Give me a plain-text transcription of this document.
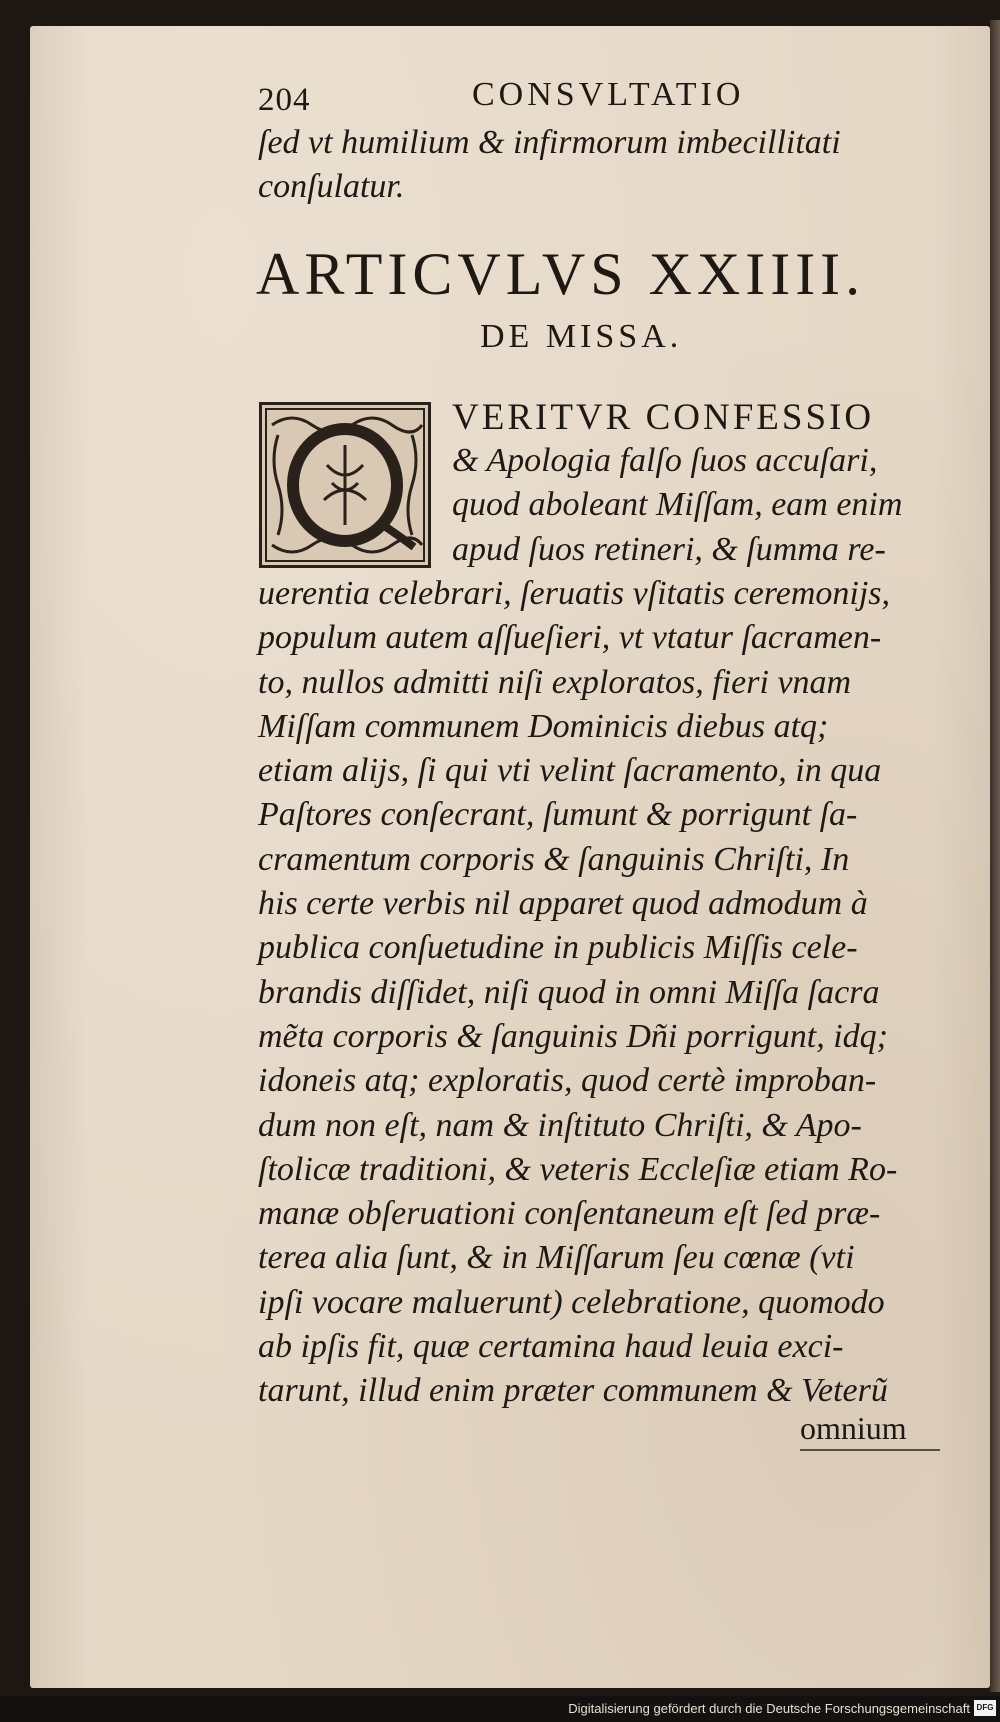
204	CONSVLTATIO
ſed vt humilium & infirmorum imbecillitati
conſulatur.
ARTICVLVS XXIIII.
DE MISSA.
VERITVR CONFESSIO
& Apologia falſo ſuos accuſari,
quod aboleant Miſſam, eam enim
apud ſuos retineri, & ſumma re-
uerentia celebrari, ſeruatis vſitatis ceremonijs,
populum autem aſſueſieri, vt vtatur ſacramen-
to, nullos admitti niſi exploratos, fieri vnam
Miſſam communem Dominicis diebus atq;
etiam alijs, ſi qui vti velint ſacramento, in qua
Paſtores conſecrant, ſumunt & porrigunt ſa-
cramentum corporis & ſanguinis Chriſti, In
his certe verbis nil apparet quod admodum à
publica conſuetudine in publicis Miſſis cele-
brandis diſſidet, niſi quod in omni Miſſa ſacra
mẽta corporis & ſanguinis Dñi porrigunt, idq;
idoneis atq; exploratis, quod certè improban-
dum non eſt, nam & inſtituto Chriſti, & Apo-
ſtolicæ traditioni, & veteris Eccleſiæ etiam Ro-
manæ obſeruationi conſentaneum eſt ſed præ-
terea alia ſunt, & in Miſſarum ſeu cœnæ (vti
ipſi vocare maluerunt) celebratione, quomodo
ab ipſis fit, quæ certamina haud leuia exci-
tarunt, illud enim præter communem & Veterũ
omnium
Digitalisierung gefördert durch die Deutsche Forschungsgemeinschaft DFG
